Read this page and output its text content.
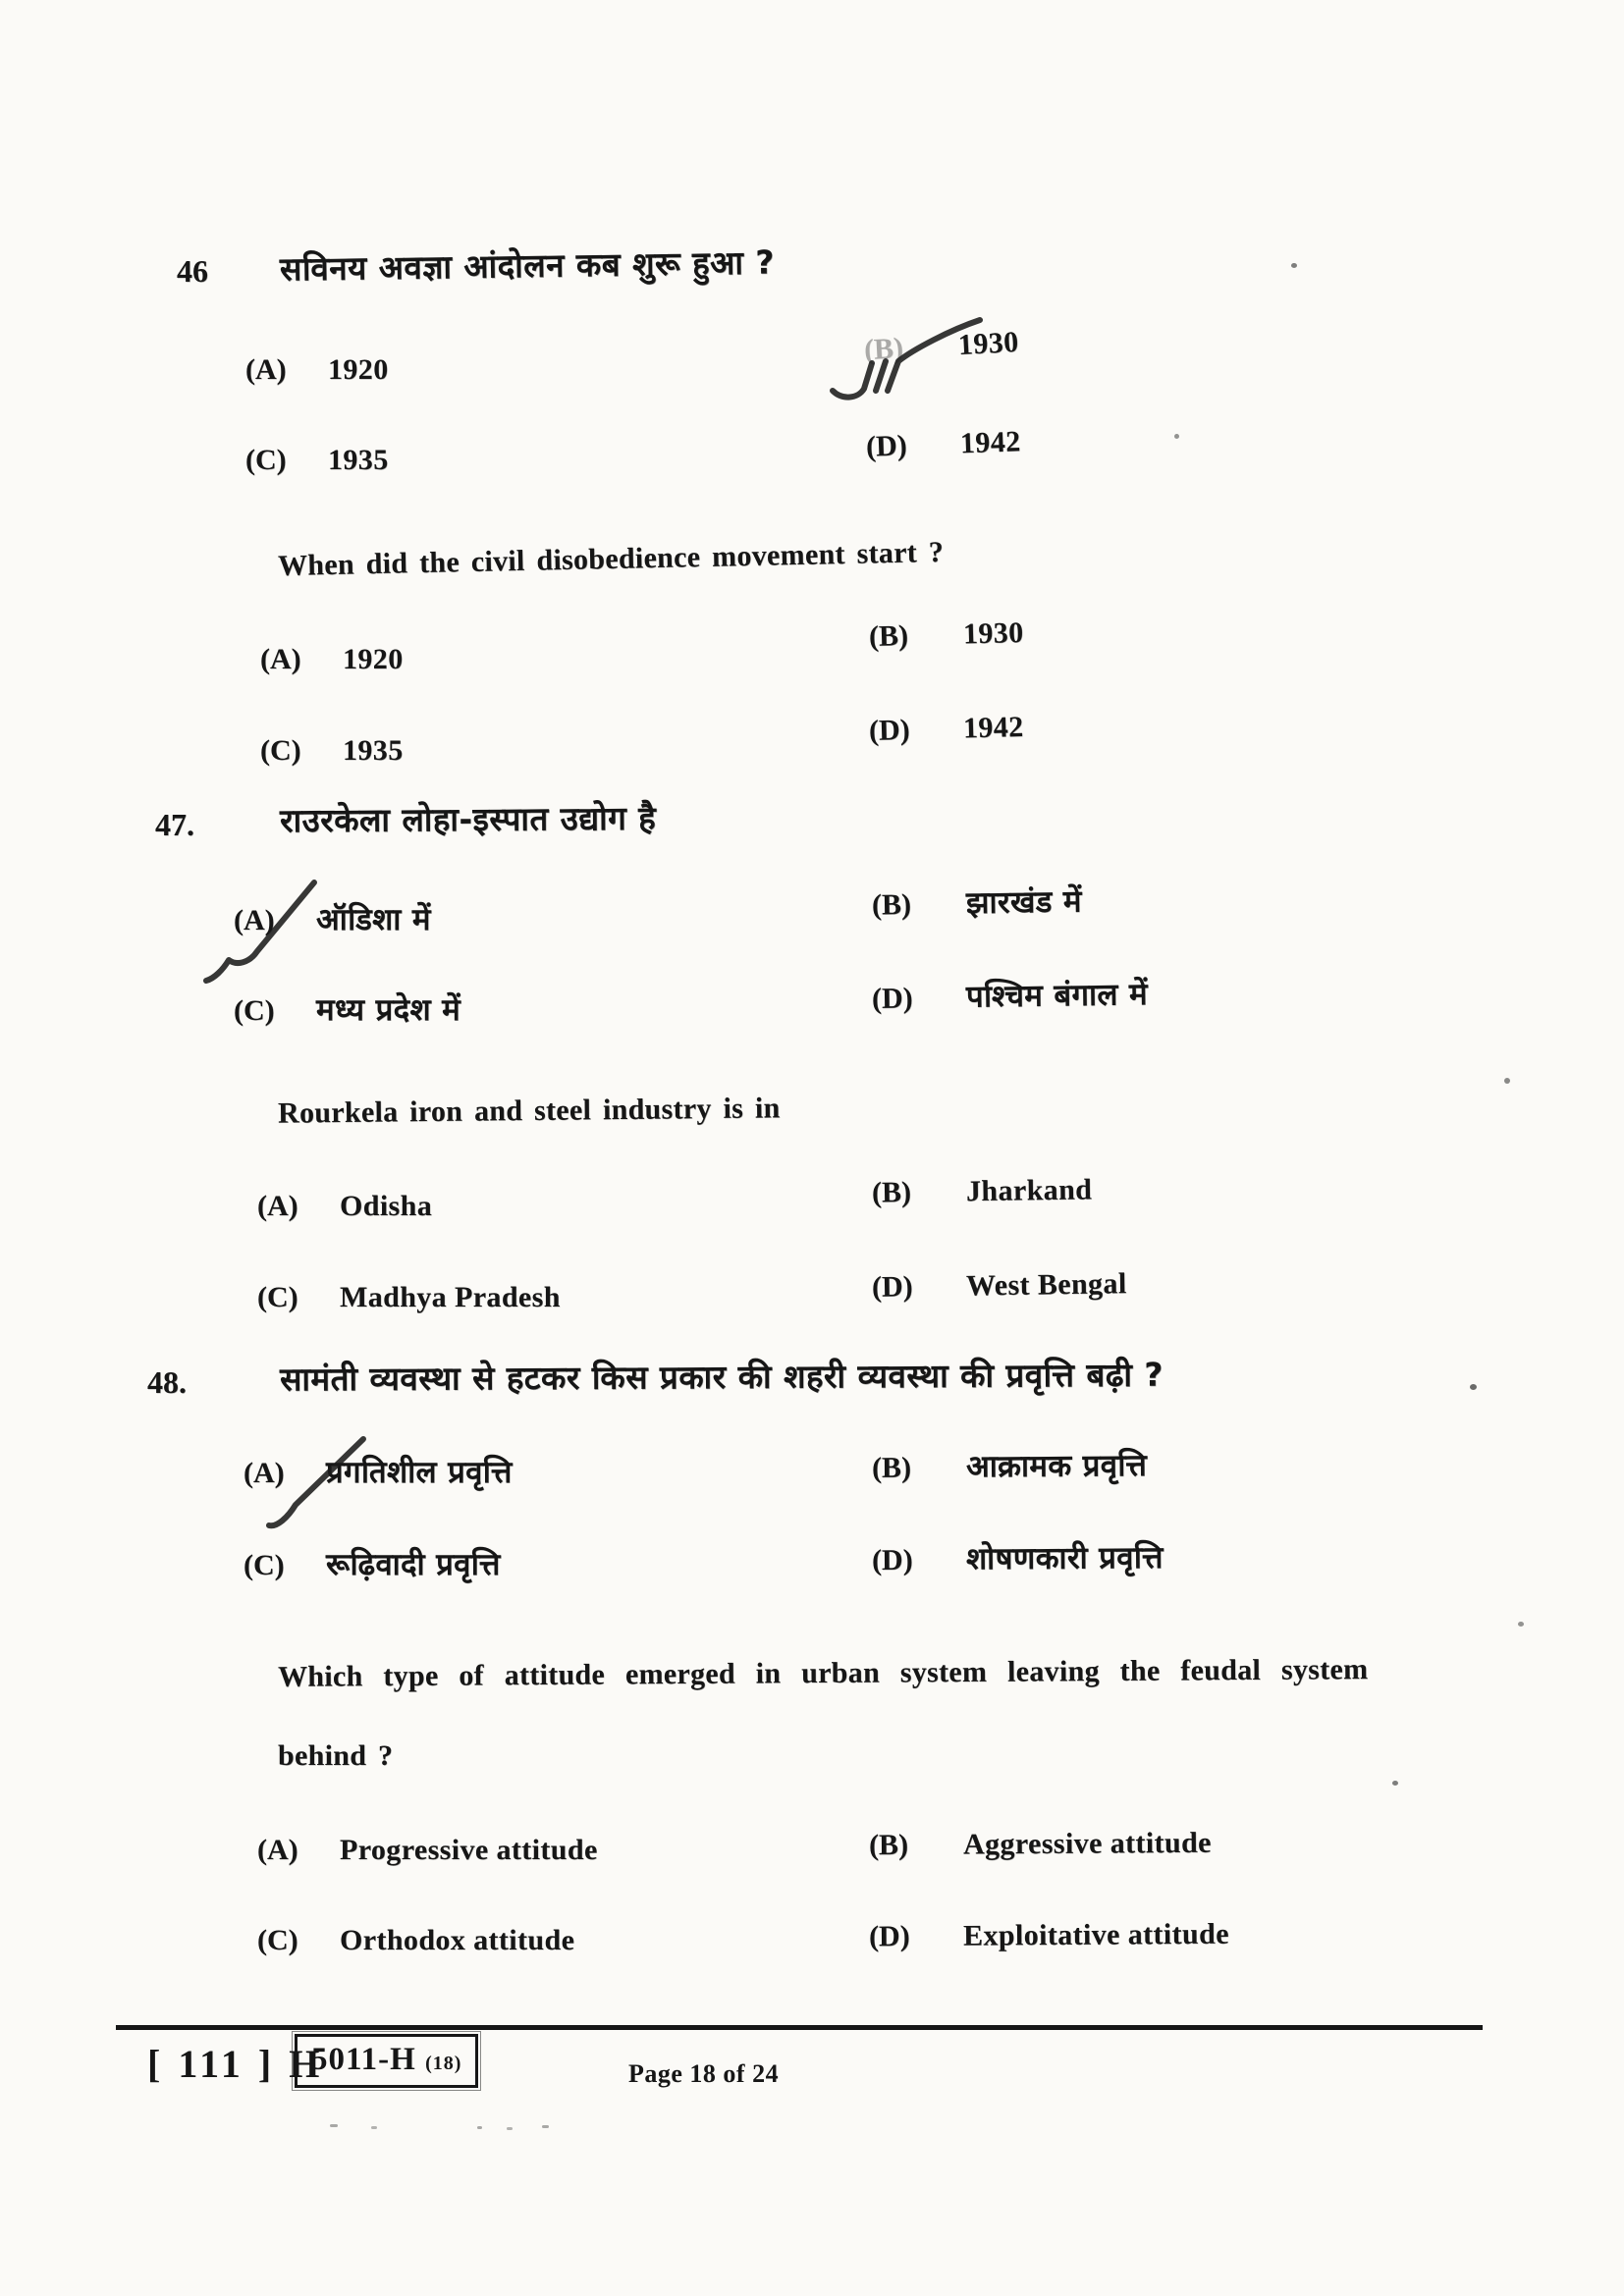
46 सविनय अवज्ञा आंदोलन कब शुरू हुआ ?
(A) 1920
(B) 1930
(C) 1935	(D) 1942
When did the civil disobedience movement start ?
(A) 1920
(B) 1930
(C) 1935
(D) 1942
47.	राउरकेला लोहा-इस्पात उद्योग है
(A) ऑडिशा में	(B) झारखंड में
(C) मध्य प्रदेश में	(D) पश्चिम बंगाल में
Rourkela iron and steel industry is in
(A) Odisha	(B) Jharkand
(C) Madhya Pradesh	(D) West Bengal
48.	सामंती व्यवस्था से हटकर किस प्रकार की शहरी व्यवस्था की प्रवृत्ति बढ़ी ?
(A) प्रगतिशील प्रवृत्ति	(B) आक्रामक प्रवृत्ति
(C) रूढ़िवादी प्रवृत्ति	(D) शोषणकारी प्रवृत्ति
Which type of attitude emerged in urban system leaving the feudal system
behind ?
(A) Progressive attitude	(B) Aggressive attitude
(C) Orthodox attitude	(D) Exploitative attitude
[ 111 ] H
5011-H (18)	Page 18 of 24
